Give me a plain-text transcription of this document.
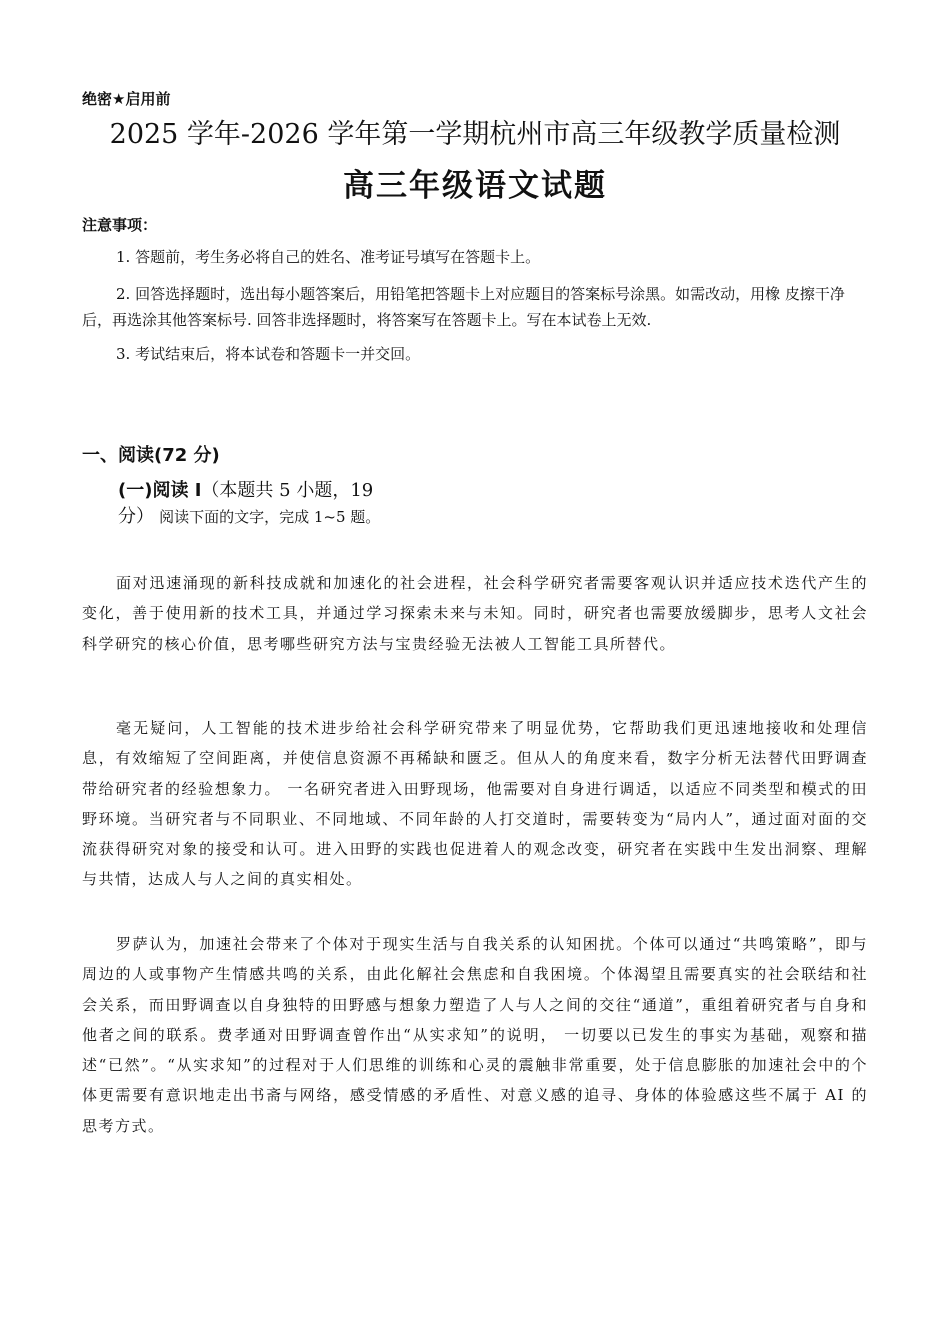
绝密★启用前
2025 学年-2026 学年第一学期杭州市高三年级教学质量检测
高三年级语文试题
注意事项：
1. 答题前，考生务必将自己的姓名、准考证号填写在答题卡上。
2. 回答选择题时，选出每小题答案后，用铅笔把答题卡上对应题目的答案标号涂黑。如需改动，用橡 皮擦干净后，再选涂其他答案标号. 回答非选择题时，将答案写在答题卡上。写在本试卷上无效.
3. 考试结束后，将本试卷和答题卡一并交回。
一、阅读(72 分)
(一)阅读 I（本题共 5 小题，19
分） 阅读下面的文字，完成 1~5 题。
面对迅速涌现的新科技成就和加速化的社会进程，社会科学研究者需要客观认识并适应技术迭代产生的变化，善于使用新的技术工具，并通过学习探索未来与未知。同时，研究者也需要放缓脚步，思考人文社会科学研究的核心价值，思考哪些研究方法与宝贵经验无法被人工智能工具所替代。
毫无疑问，人工智能的技术进步给社会科学研究带来了明显优势，它帮助我们更迅速地接收和处理信息，有效缩短了空间距离，并使信息资源不再稀缺和匮乏。但从人的角度来看，数字分析无法替代田野调查带给研究者的经验想象力。 一名研究者进入田野现场，他需要对自身进行调适，以适应不同类型和模式的田野环境。当研究者与不同职业、不同地域、不同年龄的人打交道时，需要转变为“局内人”，通过面对面的交流获得研究对象的接受和认可。进入田野的实践也促进着人的观念改变，研究者在实践中生发出洞察、理解与共情，达成人与人之间的真实相处。
罗萨认为，加速社会带来了个体对于现实生活与自我关系的认知困扰。个体可以通过“共鸣策略”，即与周边的人或事物产生情感共鸣的关系，由此化解社会焦虑和自我困境。个体渴望且需要真实的社会联结和社会关系，而田野调查以自身独特的田野感与想象力塑造了人与人之间的交往“通道”，重组着研究者与自身和他者之间的联系。费孝通对田野调查曾作出“从实求知”的说明， 一切要以已发生的事实为基础，观察和描述“已然”。“从实求知”的过程对于人们思维的训练和心灵的震触非常重要，处于信息膨胀的加速社会中的个体更需要有意识地走出书斋与网络，感受情感的矛盾性、对意义感的追寻、身体的体验感这些不属于 AI 的思考方式。
